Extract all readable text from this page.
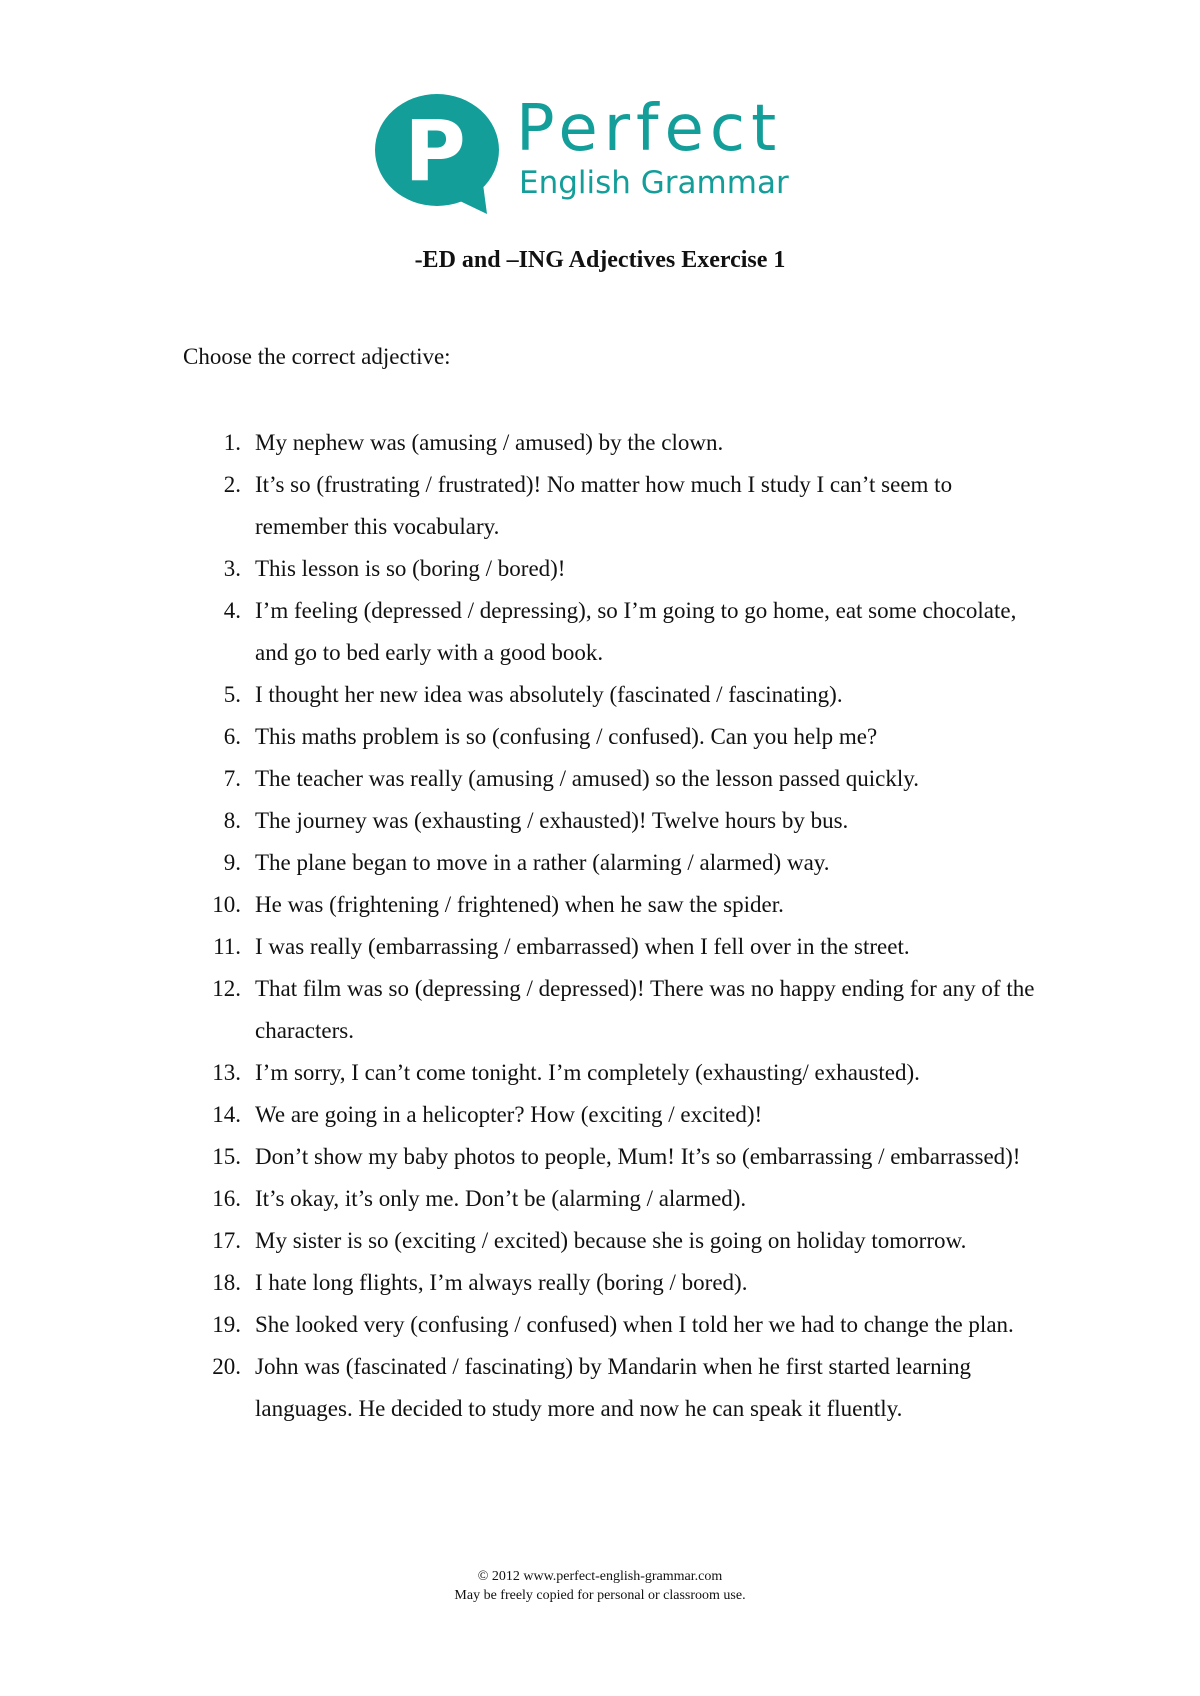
P Perfect
English Grammar
-ED and –ING Adjectives Exercise 1
Choose the correct adjective:
1. My nephew was (amusing / amused) by the clown.
2. It’s so (frustrating / frustrated)! No matter how much I study I can’t seem to remember this vocabulary.
3. This lesson is so (boring / bored)!
4. I’m feeling (depressed / depressing), so I’m going to go home, eat some chocolate, and go to bed early with a good book.
5. I thought her new idea was absolutely (fascinated / fascinating).
6. This maths problem is so (confusing / confused). Can you help me?
7. The teacher was really (amusing / amused) so the lesson passed quickly.
8. The journey was (exhausting / exhausted)! Twelve hours by bus.
9. The plane began to move in a rather (alarming / alarmed) way.
10. He was (frightening / frightened) when he saw the spider.
11. I was really (embarrassing / embarrassed) when I fell over in the street.
12. That film was so (depressing / depressed)! There was no happy ending for any of the characters.
13. I’m sorry, I can’t come tonight. I’m completely (exhausting/ exhausted).
14. We are going in a helicopter? How (exciting / excited)!
15. Don’t show my baby photos to people, Mum! It’s so (embarrassing / embarrassed)!
16. It’s okay, it’s only me. Don’t be (alarming / alarmed).
17. My sister is so (exciting / excited) because she is going on holiday tomorrow.
18. I hate long flights, I’m always really (boring / bored).
19. She looked very (confusing / confused) when I told her we had to change the plan.
20. John was (fascinated / fascinating) by Mandarin when he first started learning languages. He decided to study more and now he can speak it fluently.
© 2012 www.perfect-english-grammar.com
May be freely copied for personal or classroom use.
